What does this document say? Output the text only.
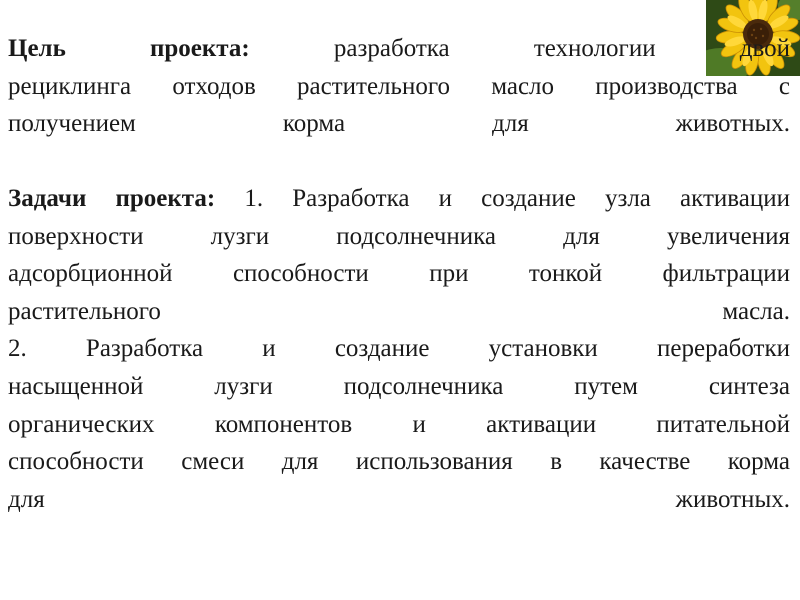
Цель проекта:	разработка технологии двой
рециклинга отходов растительного масло производства с
получением корма для животных.
Задачи проекта: 1. Разработка и создание узла активации
поверхности лузги подсолнечника для увеличения
адсорбционной способности при тонкой фильтрации
растительного масла.
2. Разработка и создание установки переработки
насыщенной лузги подсолнечника путем синтеза
органических компонентов и активации питательной
способности смеси для использования в качестве корма
для животных.
